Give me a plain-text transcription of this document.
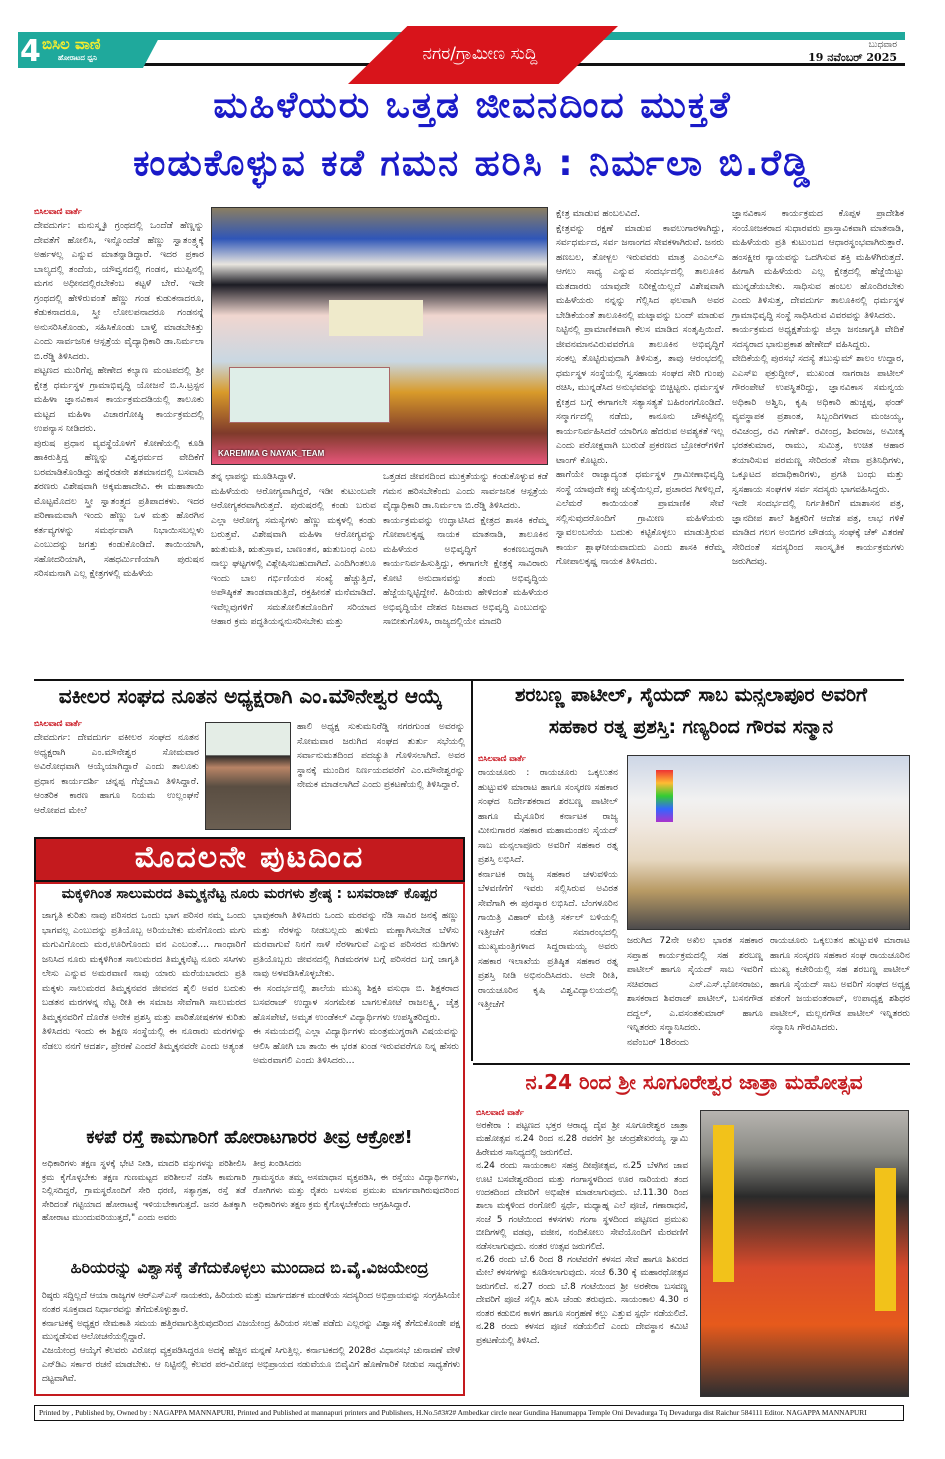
4 ಬಿಸಿಲ ವಾಣಿ
ಹೋರಾಟದ ಧ್ವನಿ	ನಗರ/ಗ್ರಾಮೀಣ ಸುದ್ದಿ	ಬುಧವಾರ
19 ನವೆಂಬರ್ 2025
ಮಹಿಳೆಯರು ಒತ್ತಡ ಜೀವನದಿಂದ ಮುಕ್ತತೆ
ಕಂಡುಕೊಳ್ಳುವ ಕಡೆ ಗಮನ ಹರಿಸಿ : ನಿರ್ಮಲಾ ಬಿ.ರೆಡ್ಡಿ
ಬಿಸಿಲವಾಣಿ ವಾರ್ತೆ
ದೇವದುರ್ಗ: ಮನುಸ್ಮೃತಿ ಗ್ರಂಥದಲ್ಲಿ ಒಂದೆಡೆ ಹೆಣ್ಣನ್ನು ದೇವತೆಗೆ ಹೋಲಿಸಿ, ಇನ್ನೊಂದೆಡೆ ಹೆಣ್ಣು ಸ್ವಾತಂತ್ರ್ಯಕ್ಕೆ ಅರ್ಹಳಲ್ಲ ಎನ್ನುವ ಮಾತನ್ನಾಡಿದ್ದಾರೆ. ಇದರ ಪ್ರಕಾರ ಬಾಲ್ಯದಲ್ಲಿ ತಂದೆಯ, ಯೌವ್ವನದಲ್ಲಿ ಗಂಡನ, ಮುಪ್ಪಿನಲ್ಲಿ ಮಗನ ಅಧೀನದಲ್ಲಿರಬೇಕೆಂಬ ಕಟ್ಟಳೆ ಬೇರೆ. ಇದೇ ಗ್ರಂಥದಲ್ಲಿ ಹೇಳಿರುವಂತೆ ಹೆಣ್ಣು ಗಂಡ ಕುಡುಕನಾದರೂ, ಕೆಡುಕನಾದರೂ, ಸ್ತ್ರೀ ಲೋಲಪನಾದರೂ ಗಂಡನನ್ನೆ ಅನುಸರಿಸಿಕೊಂಡು, ಸಹಿಸಿಕೊಂಡು ಬಾಳ್ವೆ ಮಾಡಬೇಕಿತ್ತು ಎಂದು ಸಾರ್ವಜನಿಕ ಆಸ್ಪತ್ರೆಯ ವೈದ್ಯಾಧಿಕಾರಿ ಡಾ.ನಿರ್ಮಲಾ ಬಿ.ರೆಡ್ಡಿ ತಿಳಿಸಿದರು.
ಪಟ್ಟಣದ ಮುರಿಗೆಪ್ಪ ಹೇಣೇದ ಕಲ್ಯಾಣ ಮಂಟಪದಲ್ಲಿ ಶ್ರೀ ಕ್ಷೇತ್ರ ಧರ್ಮಸ್ಥಳ ಗ್ರಾಮಾಭಿವೃದ್ಧಿ ಯೋಜನೆ ಬಿ.ಸಿ.ಟ್ರಸ್ಟನ ಮಹಿಳಾ ಜ್ಞಾನವಿಕಾಸ ಕಾರ್ಯಕ್ರಮದಡಿಯಲ್ಲಿ ತಾಲೂಕು ಮಟ್ಟದ ಮಹಿಳಾ ವಿಚಾರಗೋಷ್ಠಿ ಕಾರ್ಯಕ್ರಮದಲ್ಲಿ ಉಪನ್ಯಾಸ ನೀಡಿದರು.
ಪುರುಷ ಪ್ರಧಾನ ವ್ಯವಸ್ಥೆಯೊಳಗೆ ಕೋಣೆಯಲ್ಲಿ ಕೂಡಿ ಹಾಕಿರುತ್ತಿದ್ದ ಹೆಣ್ಣನ್ನು ವಿಶ್ವಧರ್ಮದ ವೇದಿಕೆಗೆ ಬರಮಾಡಿಕೊಂಡಿದ್ದು ಹನ್ನೆರಡನೇ ಶತಮಾನದಲ್ಲಿ ಬಸವಾದಿ ಶರಣರು ವಿಶೇಷವಾಗಿ ಅಕ್ಕಮಹಾದೇವಿ. ಈ ಮಹಾತಾಯಿ ಮೊಟ್ಟಮೊದಲ ಸ್ತ್ರೀ ಸ್ವಾತಂತ್ರ್ಯದ ಪ್ರತಿಪಾದಕಳು. ಇದರ ಪರಿಣಾಮವಾಗಿ ಇಂದು ಹೆಣ್ಣು ಒಳ ಮತ್ತು ಹೊರಗಿನ ಕರ್ತವ್ಯಗಳನ್ನು ಸಮರ್ಥವಾಗಿ ನಿಭಾಯಿಸಬಲ್ಲಳು ಎಂಬುದನ್ನು ಜಗತ್ತು ಕಂಡುಕೊಂಡಿದೆ. ತಾಯಿಯಾಗಿ, ಸಹೋದರಿಯಾಗಿ, ಸಹಧರ್ಮಿಣಿಯಾಗಿ ಪುರುಷನ ಸರಿಸಮನಾಗಿ ಎಲ್ಲ ಕ್ಷೇತ್ರಗಳಲ್ಲಿ ಮಹಿಳೆಯ
KAREMMA G NAYAK_TEAM
ತನ್ನ ಛಾಪನ್ನು ಮೂಡಿಸಿದ್ದಾಳೆ.
ಮಹಿಳೆಯರು ಆರೋಗ್ಯವಾಗಿದ್ದರೆ, ಇಡೀ ಕುಟುಂಬವೇ ಆರೋಗ್ಯಕರವಾಗಿರುತ್ತದೆ. ಪುರುಷರಲ್ಲಿ ಕಂಡು ಬರುವ ಎಲ್ಲಾ ಆರೋಗ್ಯ ಸಮಸ್ಯೆಗಳು ಹೆಣ್ಣು ಮಕ್ಕಳಲ್ಲಿ ಕಂಡು ಬರುತ್ತವೆ. ವಿಶೇಷವಾಗಿ ಮಹಿಳಾ ಆರೋಗ್ಯವನ್ನು ಋತುಮತಿ, ಋತುಸ್ರಾವ, ಬಾಣಂತನ, ಋತುಬಂಧ ಎಂಬ ನಾಲ್ಕು ಘಟ್ಟಗಳಲ್ಲಿ ವಿಶ್ಲೇಷಿಸಬಹುದಾಗಿದೆ. ಎಂದಿಗಿಂತಲೂ ಇಂದು ಬಾಲ ಗರ್ಭಿಣಿಯರ ಸಂಖ್ಯೆ ಹೆಚ್ಚುತ್ತಿದೆ, ಅಪೌಷ್ಠಿಕತೆ ತಾಂಡವಾಡುತ್ತಿದೆ, ರಕ್ತಹೀನತೆ ಮನೆಮಾಡಿದೆ. ಇವೆಲ್ಲವುಗಳಿಗೆ ಸಮತೋಲಿತದೊಂದಿಗೆ ಸರಿಯಾದ ಆಹಾರ ಕ್ರಮ ಪದ್ಧತಿಯನ್ನನುಸರಿಸಬೇಕು ಮತ್ತು
ಒತ್ತಡದ ಜೀವನದಿಂದ ಮುಕ್ತತೆಯನ್ನು ಕಂಡುಕೊಳ್ಳುವ ಕಡೆ ಗಮನ ಹರಿಸಬೇಕೆಂದು ಎಂದು ಸಾರ್ವಜನಿಕ ಆಸ್ಪತ್ರೆಯ ವೈದ್ಯಾಧಿಕಾರಿ ಡಾ.ನಿರ್ಮಲಾ ಬಿ.ರೆಡ್ಡಿ ತಿಳಿಸಿದರು.
ಕಾರ್ಯಕ್ರಮವನ್ನು ಉದ್ಘಾಟಿಸಿದ ಕ್ಷೇತ್ರದ ಶಾಸಕಿ ಕರೆಮ್ಮ ಗೋಪಾಲಕೃಷ್ಣ ನಾಯಕ ಮಾತನಾಡಿ, ತಾಲೂಕಿನ ಮಹಿಳೆಯರ ಅಭಿವೃದ್ಧಿಗೆ ಕಂಕಣಬದ್ಧರಾಗಿ ಕಾರ್ಯನಿರ್ವಹಿಸುತ್ತಿದ್ದು, ಈಗಾಗಲೇ ಕ್ಷೇತ್ರಕ್ಕೆ ಸಾವಿರಾರು ಕೋಟಿ ಅನುದಾನವನ್ನು ತಂದು ಅಭಿವೃದ್ಧಿಯ ಹೆಜ್ಜೆಯನ್ನಿಟ್ಟಿದ್ದೇನೆ. ಹಿರಿಯರು ಹೇಳಿದಂತೆ ಮಹಿಳೆಯರ ಅಭಿವೃದ್ಧಿಯೇ ದೇಶದ ನಿಜವಾದ ಅಭಿವೃದ್ಧಿ ಎಂಬುದನ್ನು ಸಾಬೀತುಗೊಳಿಸಿ, ರಾಜ್ಯದಲ್ಲಿಯೇ ಮಾದರಿ
ಕ್ಷೇತ್ರ ಮಾಡುವ ಹಂಬಲವಿದೆ.
ಕ್ಷೇತ್ರವನ್ನು ರಕ್ಷಣೆ ಮಾಡುವ ಕಾವಲುಗಾರಳಾಗಿದ್ದು, ಸರ್ವಧರ್ಮದ, ಸರ್ವ ಜನಾಂಗದ ಸೇವಕಳಾಗಿರುವೆ. ಜನರು ಹಣಬಲ, ತೋಳ್ಬಲ ಇರುವವರು ಮಾತ್ರ ಎಂಎಲ್‌ಎ ಆಗಲು ಸಾಧ್ಯ ಎನ್ನುವ ಸಂದರ್ಭದಲ್ಲಿ ತಾಲೂಕಿನ ಮತದಾರರು ಯಾವುದೇ ನಿರೀಕ್ಷೆಯಿಲ್ಲದೆ ವಿಶೇಷವಾಗಿ ಮಹಿಳೆಯರು ನನ್ನನ್ನು ಗೆಲ್ಲಿಸಿದ ಫಲವಾಗಿ ಅವರ ಬೇಡಿಕೆಯಂತೆ ತಾಲೂಕಿನಲ್ಲಿ ಮಟ್ಕಾವನ್ನು ಬಂದ್ ಮಾಡುವ ನಿಟ್ಟಿನಲ್ಲಿ ಪ್ರಾಮಾಣಿಕವಾಗಿ ಕೆಲಸ ಮಾಡಿದ ಸಂತೃಪ್ತಿಯಿದೆ. ಜೀವನಮಾನವಿರುವವರೆಗೂ ತಾಲೂಕಿನ ಅಭಿವೃದ್ಧಿಗೆ ಸಂಕಲ್ಪ ತೊಟ್ಟಿರುವುದಾಗಿ ತಿಳಿಸುತ್ತ, ತಾವು ಆರಂಭದಲ್ಲಿ ಧರ್ಮಸ್ಥಳ ಸಂಸ್ಥೆಯಲ್ಲಿ ಸ್ವಸಹಾಯ ಸಂಘದ ಸೇರಿ ಗುಂಪು ರಚಿಸಿ, ಮುನ್ನಡೆಸಿದ ಅನುಭವವನ್ನು ಬಿಚ್ಚಿಟ್ಟರು. ಧರ್ಮಸ್ಥಳ ಕ್ಷೇತ್ರದ ಬಗ್ಗೆ ಈಗಾಗಲೇ ಸತ್ಯಾಸತ್ಯತೆ ಬಹಿರಂಗಗೊಂಡಿದೆ. ಸನ್ಮಾರ್ಗದಲ್ಲಿ ನಡೆದು, ಕಾನೂನು ಚೌಕಟ್ಟಿನಲ್ಲಿ ಕಾರ್ಯನಿರ್ವಹಿಸಿದರೆ ಯಾರಿಗೂ ಹೆದರುವ ಅವಶ್ಯಕತೆ ಇಲ್ಲ ಎಂದು ಪರೋಕ್ಷವಾಗಿ ಬುರುಡೆ ಪ್ರಕರಣದ ಬ್ರೋಕರ್‌ಗಳಿಗೆ ಟಾಂಗ್ ಕೊಟ್ಟರು.
ಹಾಗೆಯೇ ರಾಜ್ಯಾದ್ಯಂತ ಧರ್ಮಸ್ಥಳ ಗ್ರಾಮೀಣಾಭಿವೃದ್ಧಿ ಸಂಸ್ಥೆ ಯಾವುದೇ ಕಪ್ಪು ಚುಕ್ಕೆಯಿಲ್ಲದೆ, ಪ್ರಚಾರದ ಗೀಳಿಲ್ಲದೆ, ಎಲೆಮರೆ ಕಾಯಿಯಂತೆ ಪ್ರಾಮಾಣಿಕ ಸೇವೆ ಸಲ್ಲಿಸುವುದರೊಂದಿಗೆ ಗ್ರಾಮೀಣ ಮಹಿಳೆಯರು ಸ್ವಾವಲಂಬನೆಯ ಬದುಕು ಕಟ್ಟಿಕೊಳ್ಳಲು ಮಾಡುತ್ತಿರುವ ಕಾರ್ಯ ಶ್ಲಾಘನೀಯವಾದುದು ಎಂದು ಶಾಸಕಿ ಕರೆಮ್ಮ ಗೋಪಾಲಕೃಷ್ಣ ನಾಯಕ ತಿಳಿಸಿದರು.
ಜ್ಞಾನವಿಕಾಸ ಕಾರ್ಯಕ್ರಮದ ಕೊಪ್ಪಳ ಪ್ರಾದೇಶಿಕ ಸಂಯೋಜಕರಾದ ಸುಧಾರವರು ಪ್ರಾಸ್ತಾವಿಕವಾಗಿ ಮಾತನಾಡಿ, ಮಹಿಳೆಯರು ಪ್ರತಿ ಕುಟುಂಬದ ಆಧಾರಸ್ಥಂಭವಾಗಿರುತ್ತಾರೆ. ಹಂಸಕ್ಷೀರ ನ್ಯಾಯವನ್ನು ಒದಗಿಸುವ ಶಕ್ತಿ ಮಹಿಳೆಗಿರುತ್ತದೆ. ಹೀಗಾಗಿ ಮಹಿಳೆಯರು ಎಲ್ಲ ಕ್ಷೇತ್ರದಲ್ಲಿ ಹೆಜ್ಜೆಯಿಟ್ಟು ಮುನ್ನಡೆಯಬೇಕು. ಸಾಧಿಸುವ ಹಂಬಲ ಹೊಂದಿರಬೇಕು ಎಂದು ತಿಳಿಸುತ್ತ, ದೇವದುರ್ಗ ತಾಲೂಕಿನಲ್ಲಿ ಧರ್ಮಸ್ಥಳ ಗ್ರಾಮಾಭಿವೃದ್ಧಿ ಸಂಸ್ಥೆ ಸಾಧಿಸಿರುವ ವಿವರವನ್ನು ತಿಳಿಸಿದರು.
ಕಾರ್ಯಕ್ರಮದ ಅಧ್ಯಕ್ಷತೆಯನ್ನು ಜಿಲ್ಲಾ ಜನಜಾಗೃತಿ ವೇದಿಕೆ ಸದಸ್ಯರಾದ ಭಾನುಪ್ರಕಾಶ ಹೇಣೇದ್ ವಹಿಸಿದ್ದರು.
ವೇದಿಕೆಯಲ್ಲಿ ಪುರಸಭೆ ಸದಸ್ಯೆ ತಬುಸ್ಸುಮ್ ಶಾಲಂ ಉದ್ದಾರ, ಎಎಸ್‌ಐ ಫಕ್ರುದ್ದೀನ್, ಮುಖಂಡ ನಾಗರಾಜ ಪಾಟೀಲ್ ಗೌರಂಪೇಟೆ ಉಪಸ್ಥಿತರಿದ್ದು, ಜ್ಞಾನವಿಕಾಸ ಸಮನ್ವಯ ಅಧಿಕಾರಿ ಅಶ್ವಿನಿ, ಕೃಷಿ ಅಧಿಕಾರಿ ಹುಚ್ಚಪ್ಪ, ಫಂಡ್ ವ್ಯವಸ್ಥಾಪಕ ಪ್ರಶಾಂತ, ಸಿಬ್ಬಂದಿಗಳಾದ ಮಂಜಯ್ಯ, ರವಿಚಂದ್ರ, ರವಿ ಗಣೇಶ್. ರವೀಂದ್ರ, ಶಿವರಾಜ, ಅಮೀತ್ಕ ಭರತಕುಮಾರ, ರಾಮು, ಸುಮಿತ್ರ, ಉಚಿತ ಆಹಾರ ತಯಾರಿಸುವ ಪರಮಣ್ಣ ಸೇರಿದಂತೆ ಸೇವಾ ಪ್ರತಿನಿಧಿಗಳು, ಒಕ್ಕೂಟದ ಪದಾಧಿಕಾರಿಗಳು, ಪ್ರಗತಿ ಬಂಧು ಮತ್ತು ಸ್ವಸಹಾಯ ಸಂಘಗಳ ಸರ್ವ ಸದಸ್ಯರು ಭಾಗವಹಿಸಿದ್ದರು.
ಇದೇ ಸಂದರ್ಭದಲ್ಲಿ ನಿರ್ಗತಿಕರಿಗೆ ಮಾಶಾಸನ ಪತ್ರ, ಜ್ಞಾನದೀಪ ಶಾಲೆ ಶಿಕ್ಷಕರಿಗೆ ಆದೇಶ ಪತ್ರ, ಲಾಭ ಗಳಿಕೆ ಮಾಡಿದ ಗಲಗ ಅಂಬಿಗರ ಚೌಡಯ್ಯ ಸಂಘಕ್ಕೆ ಚೆಕ್ ವಿತರಣೆ ಸೇರಿದಂತೆ ಸದಸ್ಯರಿಂದ ಸಾಂಸ್ಕೃತಿಕ ಕಾರ್ಯಕ್ರಮಗಳು ಜರುಗಿದವು.
ವಕೀಲರ ಸಂಘದ ನೂತನ ಅಧ್ಯಕ್ಷರಾಗಿ ಎಂ.ಮೌನೇಶ್ವರ ಆಯ್ಕೆ
ಬಿಸಿಲವಾಣಿ ವಾರ್ತೆ
ದೇವದುರ್ಗ: ದೇವದುರ್ಗ ವಕೀಲರ ಸಂಘದ ನೂತನ ಅಧ್ಯಕ್ಷರಾಗಿ ಎಂ.ಮೌನೇಶ್ವರ ಸೋಮವಾರ ಅವಿರೋಧವಾಗಿ ಆಯ್ಕೆಯಾಗಿದ್ದಾರೆ ಎಂದು ತಾಲೂಕು ಪ್ರಧಾನ ಕಾರ್ಯದರ್ಶಿ ಚನ್ನಪ್ಪ ಗೆಜ್ಜೆಬಾವಿ ತಿಳಿಸಿದ್ದಾರೆ. ಆಂತರಿಕ ಕಾರಣ ಹಾಗೂ ನಿಯಮ ಉಲ್ಲಂಘನೆ ಆರೋಪದ ಮೇಲೆ
ಹಾಲಿ ಅಧ್ಯಕ್ಷ ಸುಕುಮನಿರೆಡ್ಡಿ ನಗರಗುಂಡ ಅವರನ್ನು ಸೋಮವಾರ ಜರುಗಿದ ಸಂಘದ ತುರ್ತು ಸಭೆಯಲ್ಲಿ ಸರ್ವಾನುಮತದಿಂದ ಪದಚ್ಯುತಿ ಗೊಳಿಸಲಾಗಿದೆ. ಅವರ ಸ್ಥಾನಕ್ಕೆ ಮುಂದಿನ ನಿರ್ಣಯದವರೆಗೆ ಎಂ.ಮೌನೇಶ್ವರನ್ನು ನೇಮಕ ಮಾಡಲಾಗಿದೆ ಎಂದು ಪ್ರಕಟಣೆಯಲ್ಲಿ ತಿಳಿಸಿದ್ದಾರೆ.
ಶರಬಣ್ಣ ಪಾಟೀಲ್, ಸೈಯದ್ ಸಾಬ ಮನ್ಸಲಾಪೂರ ಅವರಿಗೆ
ಸಹಕಾರ ರತ್ನ ಪ್ರಶಸ್ತಿ: ಗಣ್ಯರಿಂದ ಗೌರವ ಸನ್ಮಾನ
ಬಿಸಿಲವಾಣಿ ವಾರ್ತೆ
ರಾಯಚೂರು : ರಾಯಚೂರು ಒಕ್ಕಲುತನ ಹುಟ್ಟುವಳಿ ಮಾರಾಟ ಹಾಗೂ ಸಂಸ್ಕರಣ ಸಹಕಾರ ಸಂಘದ ನಿರ್ದೇಶಕರಾದ ಶರಬಣ್ಣ ಪಾಟೀಲ್ ಹಾಗೂ ಮೈಸೂರಿನ ಕರ್ನಾಟಕ ರಾಜ್ಯ ಮೀನುಗಾರರ ಸಹಕಾರ ಮಹಾಮಂಡಲ ಸೈಯದ್ ಸಾಬ ಮನ್ಸಲಾಪೂರು ಅವರಿಗೆ ಸಹಕಾರ ರತ್ನ ಪ್ರಶಸ್ತಿ ಲಭಿಸಿದೆ.
ಕರ್ನಾಟಕ ರಾಜ್ಯ ಸಹಕಾರ ಚಳುವಳಿಯ ಬೆಳವಣಿಗೆಗೆ ಇವರು ಸಲ್ಲಿಸಿರುವ ಅವಿರತ ಸೇವೆಗಾಗಿ ಈ ಪುರಸ್ಕಾರ ಲಭಿಸಿದೆ. ಬೆಂಗಳೂರಿನ ಗಾಯಿತ್ರಿ ವಿಹಾರ್ ಮೇತ್ರಿ ಸರ್ಕಲ್ ಬಳಿಯಲ್ಲಿ ಇತ್ತೀಚೆಗೆ ನಡೆದ ಸಮಾರಂಭದಲ್ಲಿ ಮುಖ್ಯಮಂತ್ರಿಗಳಾದ ಸಿದ್ದರಾಮಯ್ಯ ಅವರು ಸಹಕಾರ ಇಲಾಖೆಯ ಪ್ರತಿಷ್ಠಿತ ಸಹಕಾರ ರತ್ನ ಪ್ರಶಸ್ತಿ ನೀಡಿ ಅಭಿನಂದಿಸಿದರು. ಅದೇ ರೀತಿ, ರಾಯಚೂರಿನ ಕೃಷಿ ವಿಶ್ವವಿದ್ಯಾಲಯದಲ್ಲಿ ಇತ್ತೀಚೆಗೆ
ಜರುಗಿದ 72ನೇ ಅಖಿಲ ಭಾರತ ಸಹಕಾರ ಸಪ್ತಾಹ ಕಾರ್ಯಕ್ರಮದಲ್ಲಿ ಸಹ ಶರಬಣ್ಣ ಪಾಟೀಲ್ ಹಾಗೂ ಸೈಯದ್ ಸಾಬ ಇವರಿಗೆ ಸಚಿವರಾದ ಎನ್.ಎಸ್.ಭೋಸರಾಜು, ಶಾಸಕರಾದ ಶಿವರಾಜ್ ಪಾಟೀಲ್, ಬಸನಗೌಡ ದದ್ದಲ್, ಎ.ವಸಂತಕುಮಾರ್ ಹಾಗೂ ಇನ್ನಿತರರು ಸನ್ಮಾನಿಸಿದರು.
ನವೆಂಬರ್ 18ರಂದು
ರಾಯಚೂರು ಒಕ್ಕಲುತನ ಹುಟ್ಟುವಳಿ ಮಾರಾಟ ಹಾಗೂ ಸಂಸ್ಕರಣ ಸಹಕಾರ ಸಂಘ ರಾಯಚೂರಿನ ಮುಖ್ಯ ಕಚೇರಿಯಲ್ಲಿ ಸಹ ಶರಬಣ್ಣ ಪಾಟೀಲ್ ಹಾಗೂ ಸೈಯದ್ ಸಾಬ ಅವರಿಗೆ ಸಂಘದ ಅಧ್ಯಕ್ಷ ಪತಂಗೆ ಜಯವಂತರಾವ್, ಉಪಾಧ್ಯಕ್ಷ ಶಶಿಧರ ಪಾಟೀಲ್, ಮಲ್ಲನಗೌಡ ಪಾಟೀಲ್ ಇನ್ನಿತರರು ಸನ್ಮಾನಿಸಿ ಗೌರವಿಸಿದರು.
ಮೊದಲನೇ ಪುಟದಿಂದ
ಮಕ್ಕಳಿಗಿಂತ ಸಾಲುಮರದ ತಿಮ್ಮಕ್ಕನೆಟ್ಟ ನೂರು ಮರಗಳು ಶ್ರೇಷ್ಠ : ಬಸವರಾಜ್ ಕೊಪ್ಪರ
ಜಾಗೃತಿ ಕುರಿತು ನಾವು ಪರಿಸರದ ಒಂದು ಭಾಗ ಪರಿಸರ ನಮ್ಮ ಒಂದು ಭಾಗವಲ್ಲ ಎಂಬುದನ್ನು ಪ್ರತಿಯೊಬ್ಬ ಅರಿಯಬೇಕು ಮನೆಗೊಂದು ಮಗು ಮಗುವಿಗೊಂದು ಮರ,ಊರಿಗೊಂದು ವನ ಎಂಬಂತೆ.... ಗಾಂಧಾರಿಗೆ ಜನಿಸಿದ ನೂರು ಮಕ್ಕಳಿಗಿಂತ ಸಾಲುಮರದ ತಿಮ್ಮಕ್ಕನೆಟ್ಟ ನೂರು ಸಸಿಗಳು ಲೇಸು ಎನ್ನುವ ಅಮರವಾಣಿ ನಾವು ಯಾರು ಮರೆಯಬಾರದು ಪ್ರತಿ ಮಕ್ಕಳು ಸಾಲುಮರದ ತಿಮ್ಮಕ್ಕನವರ ಜೀವನದ ಶೈಲಿ ಅವರ ಬದುಕು ಬಡತನ ಮರಗಳನ್ನ ನೆಟ್ಟ ರೀತಿ ಈ ಸಮಾಜ ಸೇವೆಗಾಗಿ ಸಾಲುಮರದ ತಿಮ್ಮಕ್ಕನವರಿಗೆ ದೊರೆತ ಅನೇಕ ಪ್ರಶಸ್ತಿ ಮತ್ತು ಪಾರಿತೋಷಕಗಳ ಕುರಿತು ತಿಳಿಸಿದರು ಇಂದು ಈ ಶಿಕ್ಷಣ ಸಂಸ್ಥೆಯಲ್ಲಿ ಈ ನೂರಾರು ಮರಗಳನ್ನು ನೆಡಲು ನನಗೆ ಆದರ್ಶ, ಪ್ರೇರಣೆ ಎಂದರೆ ತಿಮ್ಮಕ್ಕನವರೇ ಎಂದು ಅತ್ಯಂತ
ಭಾವುಕರಾಗಿ ತಿಳಿಸಿದರು ಒಂದು ಮರವನ್ನು ನೆಡಿ ಸಾವಿರ ಜನಕ್ಕೆ ಹಣ್ಣು ಮತ್ತು ನೆರಳನ್ನು ನೀಡಬಲ್ಲದು ಹುಳಿದು ಮಣ್ಣಾಗಿಸಬೇಡ ಬೆಳೆಸು ಮರವಾಗುವೆ ನಿನಗೆ ನಾಳೆ ನೆರಳಾಗುವೆ ಎನ್ನುವ ಪರಿಸರದ ನುಡಿಗಳು ಪ್ರತಿಯೊಬ್ಬರು ಜೀವನದಲ್ಲಿ ಗಿಡಮರಗಳ ಬಗ್ಗೆ ಪರಿಸರದ ಬಗ್ಗೆ ಜಾಗೃತಿ ನಾವು ಅಳವಡಿಸಿಕೊಳ್ಳಬೇಕು.
ಈ ಸಂದರ್ಭದಲ್ಲಿ ಶಾಲೆಯ ಮುಖ್ಯ ಶಿಕ್ಷಕಿ ವಸುಧಾ ಬಿ. ಶಿಕ್ಷಕರಾದ ಬಸವರಾಜ್ ಉದ್ದಾಳ ಸಂಗಮೇಶ ಬಾಗಲಕೋಟೆ ರಾಜಲಕ್ಷ್ಮಿ, ಚೈತ್ರ ಹೊಸಪೇಟೆ, ಅಮೃತ ಉಂಡೆಕಲ್ ವಿದ್ಯಾರ್ಥಿಗಳು ಉಪಸ್ಥಿತರಿದ್ದರು.
ಈ ಸಮಯದಲ್ಲಿ ಎಲ್ಲಾ ವಿದ್ಯಾರ್ಥಿಗಳು ಮಂತ್ರಮುಗ್ಧರಾಗಿ ವಿಷಯವನ್ನು ಆಲಿಸಿ ಹೋಗಿ ಬಾ ತಾಯಿ ಈ ಭರತ ಖಂಡ ಇರುವವರೆಗೂ ನಿನ್ನ ಹೆಸರು ಅಮರವಾಗಲಿ ಎಂದು ತಿಳಿಸಿದರು...
ಕಳಪೆ ರಸ್ತೆ ಕಾಮಗಾರಿಗೆ ಹೋರಾಟಗಾರರ ತೀವ್ರ ಆಕ್ರೋಶ!
ಅಧಿಕಾರಿಗಳು ತಕ್ಷಣ ಸ್ಥಳಕ್ಕೆ ಭೇಟಿ ನೀಡಿ, ಮಾದರಿ ವಸ್ತುಗಳನ್ನು ಪರಿಶೀಲಿಸಿ ಕ್ರಮ ಕೈಗೊಳ್ಳಬೇಕು ತಕ್ಷಣ ಗುಣಮಟ್ಟದ ಪರಿಶೀಲನೆ ನಡೆಸಿ ಕಾಮಗಾರಿ ನಿಲ್ಲಿಸದಿದ್ದರೆ, ಗ್ರಾಮಸ್ಥರೊಂದಿಗೆ ಸೇರಿ ಧರಣಿ, ಸತ್ಯಾಗ್ರಹ, ರಸ್ತೆ ತಡೆ ಸೇರಿದಂತೆ ಗಟ್ಟಿಯಾದ ಹೋರಾಟಕ್ಕೆ ಇಳಿಯಬೇಕಾಗುತ್ತದೆ. ಜನರ ಹಿತಕ್ಕಾಗಿ ಹೋರಾಟ ಮುಂದುವರಿಯುತ್ತದೆ," ಎಂದು ಅವರು
ತೀವ್ರ ಖಂಡಿಸಿದರು
ಗ್ರಾಮಸ್ಥರೂ ತಮ್ಮ ಅಸಮಾಧಾನ ವ್ಯಕ್ತಪಡಿಸಿ, ಈ ರಸ್ತೆಯು ವಿದ್ಯಾರ್ಥಿಗಳು, ರೋಗಿಗಳು ಮತ್ತು ರೈತರು ಬಳಸುವ ಪ್ರಮುಖ ಮಾರ್ಗವಾಗಿರುವುದರಿಂದ ಅಧಿಕಾರಿಗಳು ತಕ್ಷಣ ಕ್ರಮ ಕೈಗೊಳ್ಳಬೇಕೆಂದು ಆಗ್ರಹಿಸಿದ್ದಾರೆ.
ಹಿರಿಯರನ್ನು ವಿಶ್ವಾಸಕ್ಕೆ ತೆಗೆದುಕೊಳ್ಳಲು ಮುಂದಾದ ಬಿ.ವೈ.ವಿಜಯೇಂದ್ರ
ರಿಷ್ಠರು ಸದ್ದಿಲ್ಲದೆ ಆಯಾ ರಾಜ್ಯಗಳ ಆರ್‌ಎಸ್‌ಎಸ್ ನಾಯಕರು, ಹಿರಿಯರು ಮತ್ತು ಮಾರ್ಗದರ್ಶಕ ಮಂಡಳಿಯ ಸದಸ್ಯರಿಂದ ಅಭಿಪ್ರಾಯವನ್ನು ಸಂಗ್ರಹಿಸಿಯೇ ನಂತರ ಸೂಕ್ತವಾದ ನಿರ್ಧಾರವನ್ನು ತೆಗೆದುಕೊಳ್ಳುತ್ತಾರೆ.
ಕರ್ನಾಟಕಕ್ಕೆ ಅಧ್ಯಕ್ಷರ ನೇಮಕಾತಿ ಸಮಯ ಹತ್ತಿರವಾಗುತ್ತಿರುವುದರಿಂದ ವಿಜಯೇಂದ್ರ ಹಿರಿಯರ ಸಲಹೆ ಪಡೆದು ಎಲ್ಲರನ್ನು ವಿಶ್ವಾಸಕ್ಕೆ ತೆಗೆದುಕೊಂಡೇ ಪಕ್ಷ ಮುನ್ನಡೆಸುವ ಆಲೋಚನೆಯಲ್ಲಿದ್ದಾರೆ.
ವಿಜಯೇಂದ್ರ ಆಯ್ಕೆಗೆ ಕೆಲವರು ವಿರೋಧ ವ್ಯಕ್ತಪಡಿಸಿದ್ದರೂ ಅದಕ್ಕೆ ಹೆಚ್ಚಿನ ಮನ್ನಣೆ ಸಿಗುತ್ತಿಲ್ಲ. ಕರ್ನಾಟಕದಲ್ಲಿ 2028ರ ವಿಧಾನಸಭೆ ಚುನಾವಣೆ ವೇಳೆ ಎನ್‌ಡಿಎ ಸರ್ಕಾರ ರಚನೆ ಮಾಡಬೇಕು. ಆ ನಿಟ್ಟಿನಲ್ಲಿ ಕೆಲವರ ಪರ-ವಿರೋಧ ಅಭಿಪ್ರಾಯದ ನಡುವೆಯೂ ಬಿವೈವಿಗೆ ಹೊಣೆಗಾರಿಕೆ ನೀಡುವ ಸಾಧ್ಯತೆಗಳು ದಟ್ಟವಾಗಿವೆ.
ನ.24 ರಿಂದ ಶ್ರೀ ಸೂಗೂರೇಶ್ವರ ಜಾತ್ರಾ ಮಹೋತ್ಸವ
ಬಿಸಿಲವಾಣಿ ವಾರ್ತೆ
ಅರಕೇರಾ : ಪಟ್ಟಣದ ಭಕ್ತರ ಆರಾಧ್ಯ ದೈವ ಶ್ರೀ ಸೂಗೂರೇಶ್ವರ ಜಾತ್ರಾ ಮಹೋತ್ಸವ ನ.24 ರಿಂದ ನ.28 ರವರೆಗೆ ಶ್ರೀ ಚಂದ್ರಶೇಖರಯ್ಯ ಸ್ವಾಮಿ ಹಿರೇಮಠ ಸಾನಿಧ್ಯದಲ್ಲಿ ಜರುಗಲಿದೆ.
ನ.24 ರಂದು ಸಾಯಂಕಾಲ ಸಹಸ್ರ ದೀಪೋತ್ಸವ, ನ.25 ಬೆಳಗಿನ ಜಾವ ಊಟಿ ಬಸವೇಶ್ವರದಿಂದ ಮತ್ತು ಗಂಗಾಸ್ಥಳದಿಂದ ಊರ ನಾರಿಯರು ತಂದ ಉದಕದಿಂದ ದೇವರಿಗೆ ಅಭಿಷೇಕ ಮಾಡಲಾಗುವುದು. ಬೆ.11.30 ರಿಂದ ಶಾಲಾ ಮಕ್ಕಳಿಂದ ರಂಗೋಲಿ ಸ್ಪರ್ಧೆ, ಮಧ್ಯಾಹ್ನ ಎಲೆ ಪೂಜೆ, ಗಣಾರಾಧನೆ, ಸಂಜೆ 5 ಗಂಟೆಯಿಂದ ಕಳಸಗಳು ಗಂಗಾ ಸ್ಥಳದಿಂದ ಪಟ್ಟಣದ ಪ್ರಮುಖ ಬೀದಿಗಳಲ್ಲಿ ವಡವು, ವಜೀನ, ನಂದಿಕೋಲು ಸೇವೆಯೊಂದಿಗೆ ಮೆರವಣಿಗೆ ನಡೆಸಲಾಗುವುದು. ನಂತರ ಉತ್ಸವ ಜರುಗಲಿದೆ.
ನ.26 ರಂದು ಬೆ.6 ರಿಂದ 8 ಗಂಟೆವರೆಗೆ ಕಳಸದ ಸೇವೆ ಹಾಗೂ ಶಿಖರದ ಮೇಲೆ ಕಳಸಗಳನ್ನು ಕೂಡಿಸಲಾಗುವುದು. ಸಂಜೆ 6.30 ಕ್ಕೆ ಮಹಾರಥೋತ್ಸವ ಜರುಗಲಿದೆ. ನ.27 ರಂದು ಬೆ.8 ಗಂಟೆಯಿಂದ ಶ್ರೀ ಅರಕೇರಾ ಬಸವಣ್ಣ ದೇವರಿಗೆ ಪೂಜೆ ಸಲ್ಲಿಸಿ ಹುಸಿ ಚೆಂಡು ತರುವುದು. ಸಾಯಂಕಾಲ 4.30 ರ ನಂತರ ಕಡುಬಿನ ಕಾಳಗ ಹಾಗೂ ಸಂಗ್ರಹಣೆ ಕಲ್ಲು ಎತ್ತುವ ಸ್ಪರ್ಧೆ ನಡೆಯಲಿದೆ. ನ.28 ರಂದು ಕಳಸದ ಪೂಜೆ ನಡೆಯಲಿದೆ ಎಂದು ದೇವಸ್ಥಾನ ಕಮಿಟಿ ಪ್ರಕಟಣೆಯಲ್ಲಿ ತಿಳಿಸಿದೆ.
Printed by , Published by, Owned by : NAGAPPA MANNAPURI, Printed and Published at mannapuri printers and Publishers, H.No.5#3#2# Ambedkar circle near Gundina Hanumappa Temple Oni Devadurga Tq Devadurga dist Raichur 584111 Editor. NAGAPPA MANNAPURI
